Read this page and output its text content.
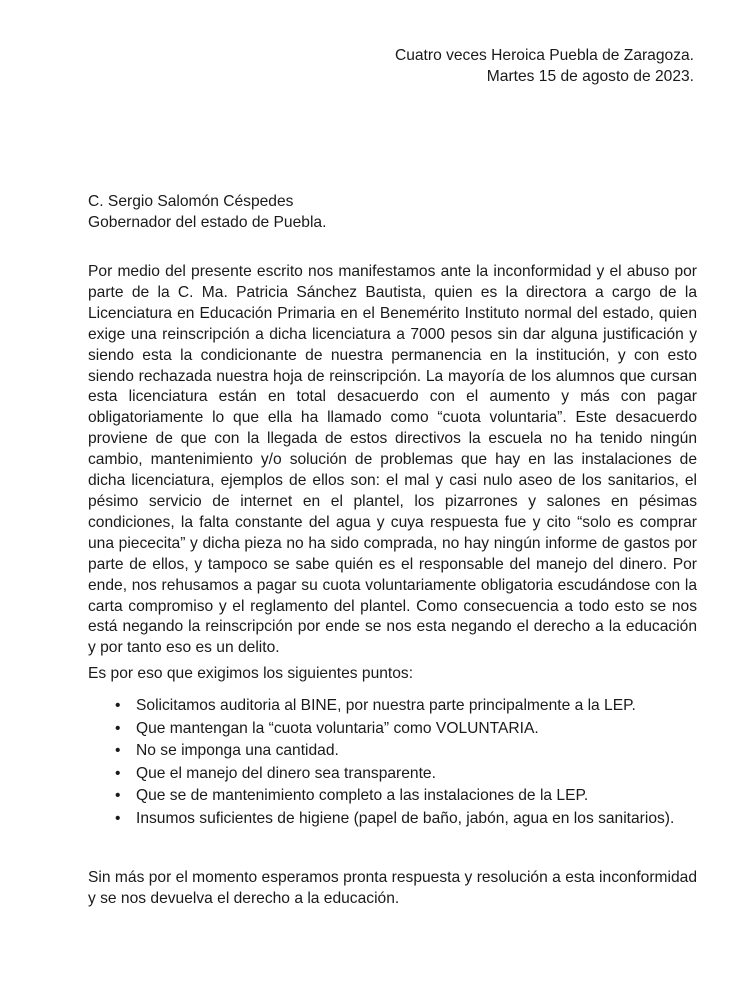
Cuatro veces Heroica Puebla de Zaragoza.
Martes 15 de agosto de 2023.
C. Sergio Salomón Céspedes
Gobernador del estado de Puebla.

Por medio del presente escrito nos manifestamos ante la inconformidad y el abuso por parte de la C. Ma. Patricia Sánchez Bautista, quien es la directora a cargo de la Licenciatura en Educación Primaria en el Benemérito Instituto normal del estado, quien exige una reinscripción a dicha licenciatura a 7000 pesos sin dar alguna justificación y siendo esta la condicionante de nuestra permanencia en la institución, y con esto siendo rechazada nuestra hoja de reinscripción. La mayoría de los alumnos que cursan esta licenciatura están en total desacuerdo con el aumento y más con pagar obligatoriamente lo que ella ha llamado como “cuota voluntaria”. Este desacuerdo proviene de que con la llegada de estos directivos la escuela no ha tenido ningún cambio, mantenimiento y/o solución de problemas que hay en las instalaciones de dicha licenciatura, ejemplos de ellos son: el mal y casi nulo aseo de los sanitarios, el pésimo servicio de internet en el plantel, los pizarrones y salones en pésimas condiciones, la falta constante del agua y cuya respuesta fue y cito “solo es comprar una piececita” y dicha pieza no ha sido comprada, no hay ningún informe de gastos por parte de ellos, y tampoco se sabe quién es el responsable del manejo del dinero. Por ende, nos rehusamos a pagar su cuota voluntariamente obligatoria escudándose con la carta compromiso y el reglamento del plantel. Como consecuencia a todo esto se nos está negando la reinscripción por ende se nos esta negando el derecho a la educación y por tanto eso es un delito.

Es por eso que exigimos los siguientes puntos:

• Solicitamos auditoria al BINE, por nuestra parte principalmente a la LEP.
• Que mantengan la “cuota voluntaria” como VOLUNTARIA.
• No se imponga una cantidad.
• Que el manejo del dinero sea transparente.
• Que se de mantenimiento completo a las instalaciones de la LEP.
• Insumos suficientes de higiene (papel de baño, jabón, agua en los sanitarios).

Sin más por el momento esperamos pronta respuesta y resolución a esta inconformidad y se nos devuelva el derecho a la educación.
